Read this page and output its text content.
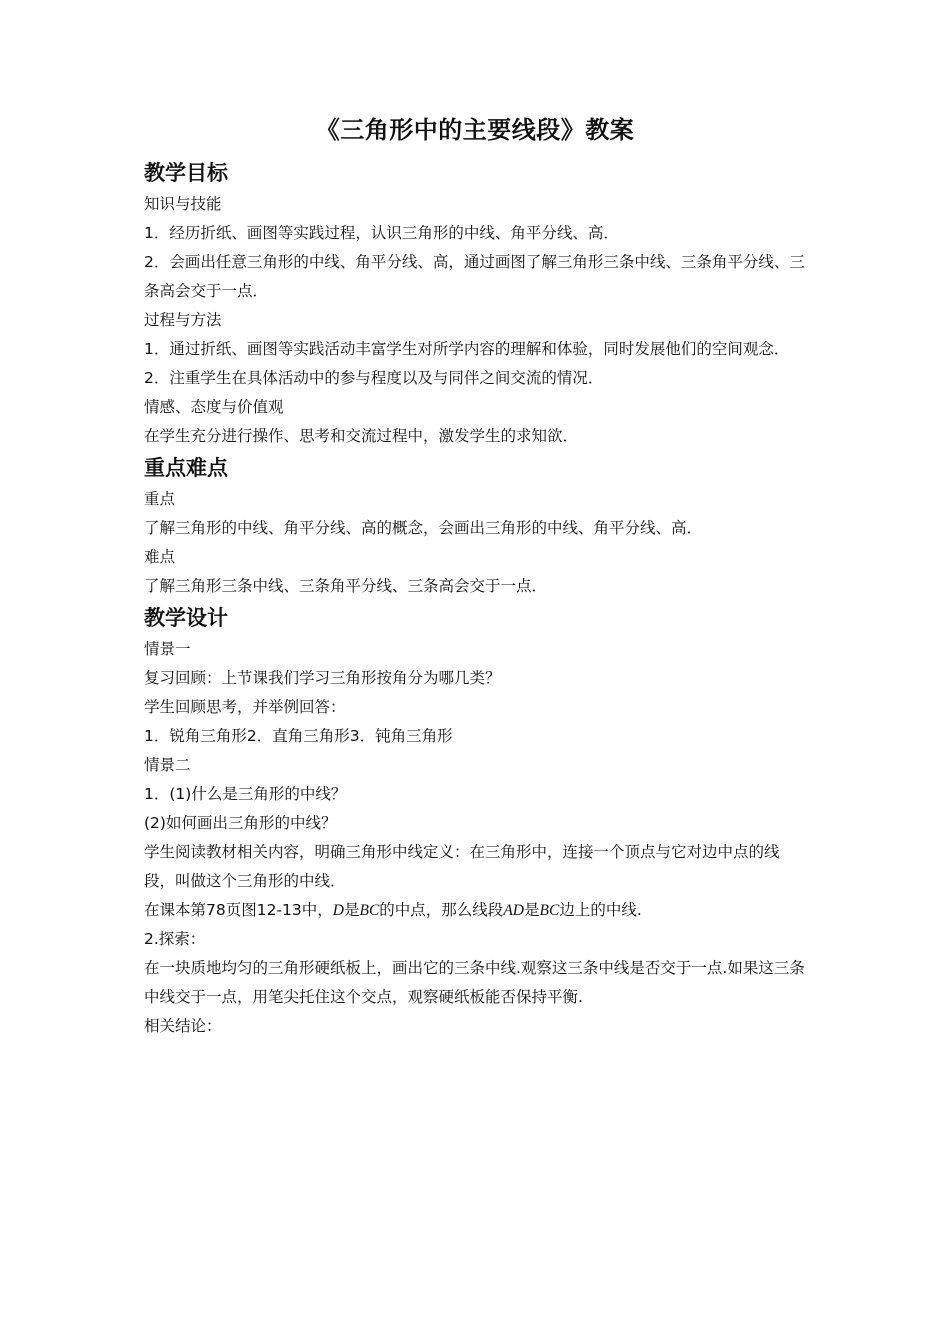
《三角形中的主要线段》教案
教学目标

知识与技能

1．经历折纸、画图等实践过程，认识三角形的中线、角平分线、高．

2．会画出任意三角形的中线、角平分线、高，通过画图了解三角形三条中线、三条角平分线、三条高会交于一点．

过程与方法

1．通过折纸、画图等实践活动丰富学生对所学内容的理解和体验，同时发展他们的空间观念．

2．注重学生在具体活动中的参与程度以及与同伴之间交流的情况．

情感、态度与价值观

在学生充分进行操作、思考和交流过程中，激发学生的求知欲．

重点难点

重点

了解三角形的中线、角平分线、高的概念，会画出三角形的中线、角平分线、高．

难点

了解三角形三条中线、三条角平分线、三条高会交于一点．

教学设计

情景一

复习回顾：上节课我们学习三角形按角分为哪几类？

学生回顾思考，并举例回答：

1．锐角三角形2．直角三角形3．钝角三角形

情景二

1．(1)什么是三角形的中线？

(2)如何画出三角形的中线？

学生阅读教材相关内容，明确三角形中线定义：在三角形中，连接一个顶点与它对边中点的线段，叫做这个三角形的中线．

在课本第78页图12-13中，D是BC的中点，那么线段AD是BC边上的中线.

2.探索：

在一块质地均匀的三角形硬纸板上，画出它的三条中线.观察这三条中线是否交于一点.如果这三条中线交于一点，用笔尖托住这个交点，观察硬纸板能否保持平衡.

相关结论：
